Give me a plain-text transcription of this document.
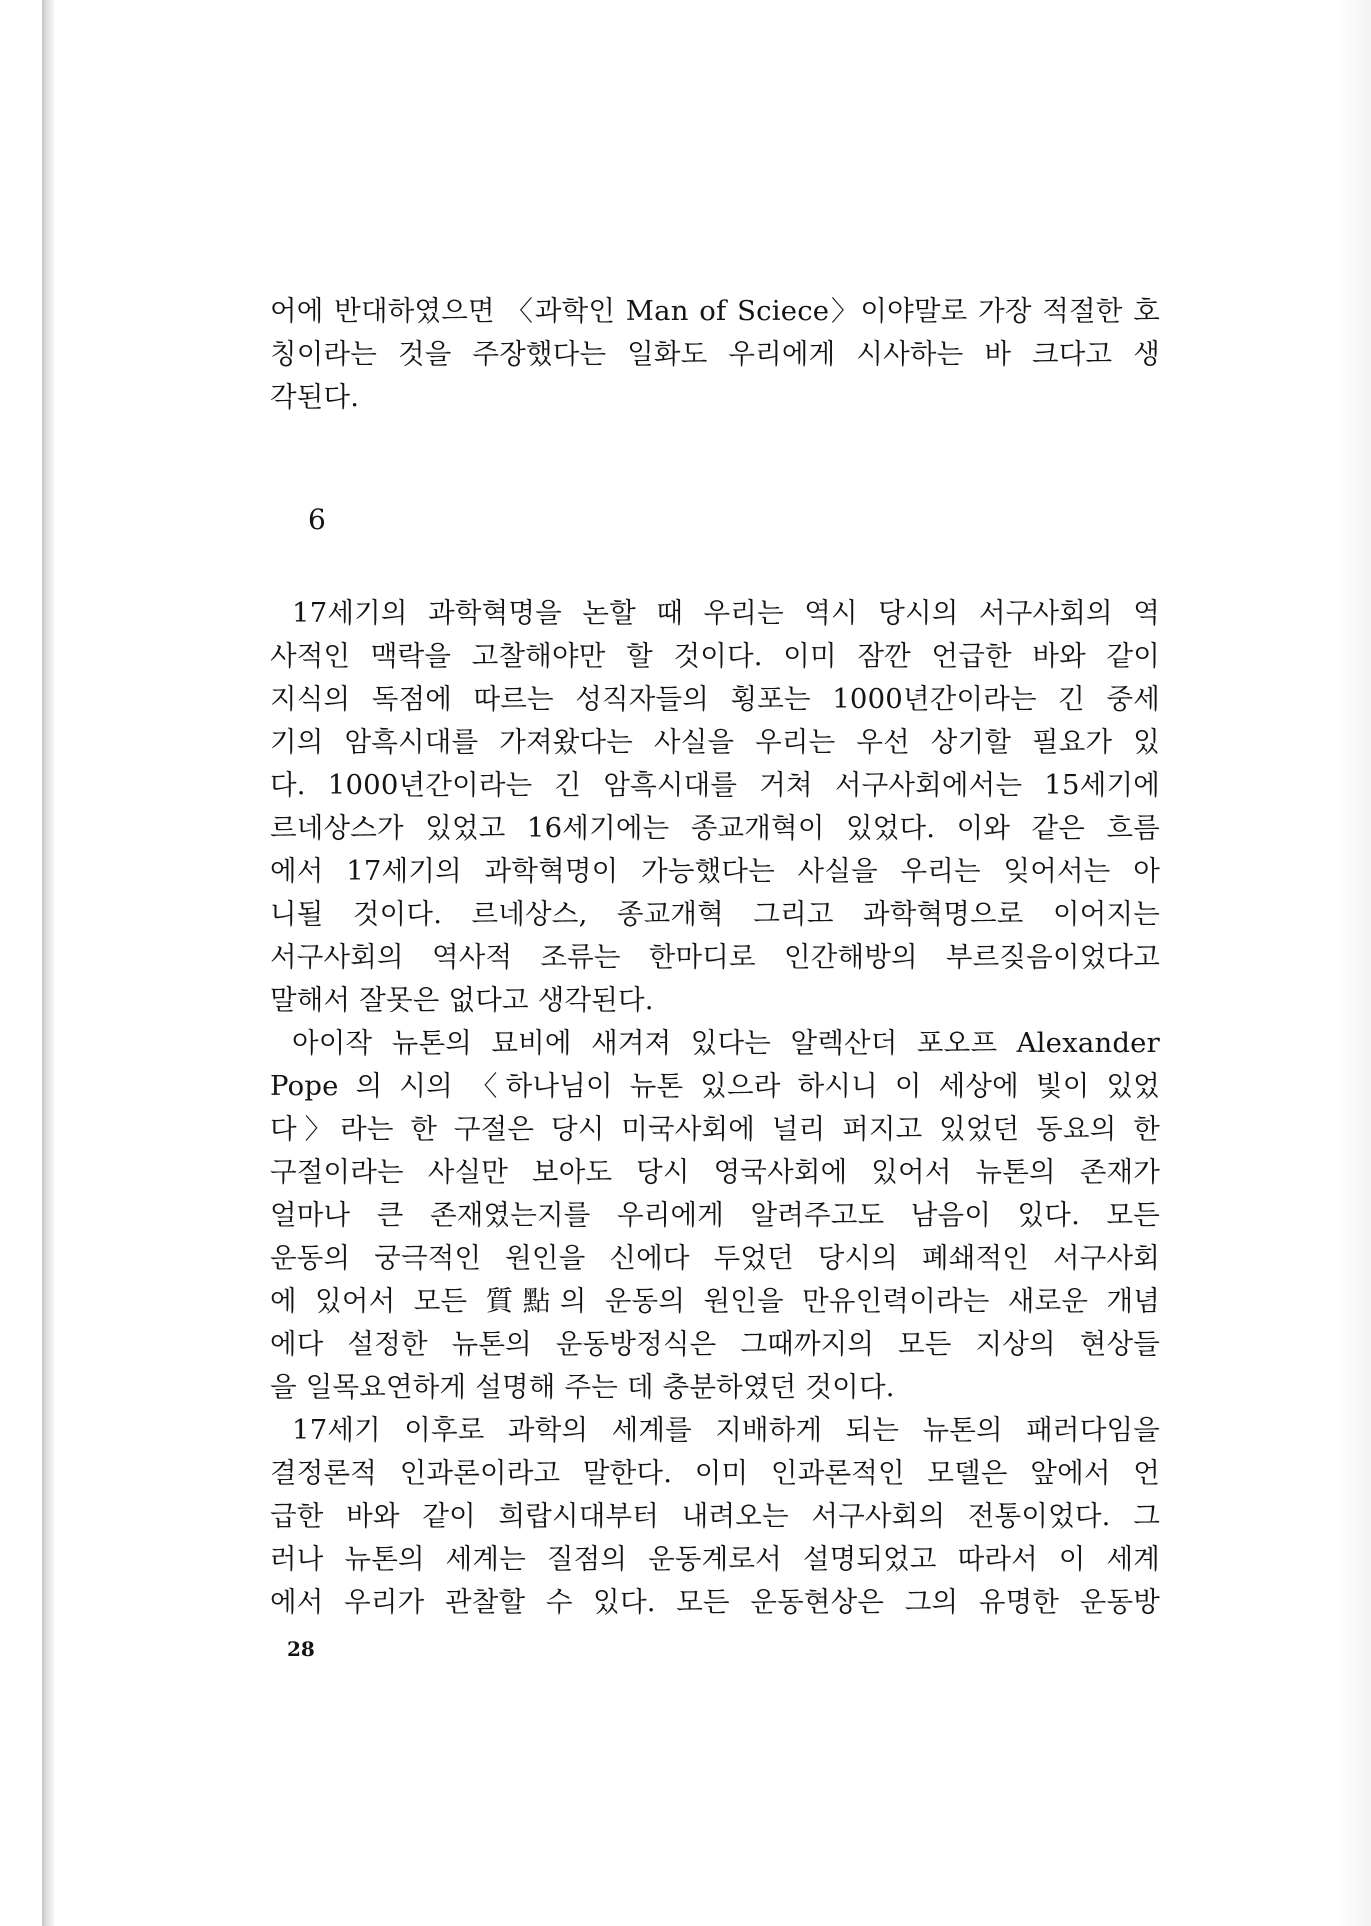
어에 반대하였으면 〈과학인 Man of Sciece〉이야말로 가장 적절한 호
칭이라는 것을 주장했다는 일화도 우리에게 시사하는 바 크다고 생
각된다.
6
17세기의 과학혁명을 논할 때 우리는 역시 당시의 서구사회의 역
사적인 맥락을 고찰해야만 할 것이다. 이미 잠깐 언급한 바와 같이
지식의 독점에 따르는 성직자들의 횡포는 1000년간이라는 긴 중세
기의 암흑시대를 가져왔다는 사실을 우리는 우선 상기할 필요가 있
다. 1000년간이라는 긴 암흑시대를 거쳐 서구사회에서는 15세기에
르네상스가 있었고 16세기에는 종교개혁이 있었다. 이와 같은 흐름
에서 17세기의 과학혁명이 가능했다는 사실을 우리는 잊어서는 아
니될 것이다. 르네상스, 종교개혁 그리고 과학혁명으로 이어지는
서구사회의 역사적 조류는 한마디로 인간해방의 부르짖음이었다고
말해서 잘못은 없다고 생각된다.
아이작 뉴톤의 묘비에 새겨져 있다는 알렉산더 포오프 Alexander
Pope 의 시의 〈하나님이 뉴톤 있으라 하시니 이 세상에 빛이 있었
다〉라는 한 구절은 당시 미국사회에 널리 퍼지고 있었던 동요의 한
구절이라는 사실만 보아도 당시 영국사회에 있어서 뉴톤의 존재가
얼마나 큰 존재였는지를 우리에게 알려주고도 남음이 있다. 모든
운동의 궁극적인 원인을 신에다 두었던 당시의 폐쇄적인 서구사회
에 있어서 모든 質點의 운동의 원인을 만유인력이라는 새로운 개념
에다 설정한 뉴톤의 운동방정식은 그때까지의 모든 지상의 현상들
을 일목요연하게 설명해 주는 데 충분하였던 것이다.
17세기 이후로 과학의 세계를 지배하게 되는 뉴톤의 패러다임을
결정론적 인과론이라고 말한다. 이미 인과론적인 모델은 앞에서 언
급한 바와 같이 희랍시대부터 내려오는 서구사회의 전통이었다. 그
러나 뉴톤의 세계는 질점의 운동계로서 설명되었고 따라서 이 세계
에서 우리가 관찰할 수 있다. 모든 운동현상은 그의 유명한 운동방
28
